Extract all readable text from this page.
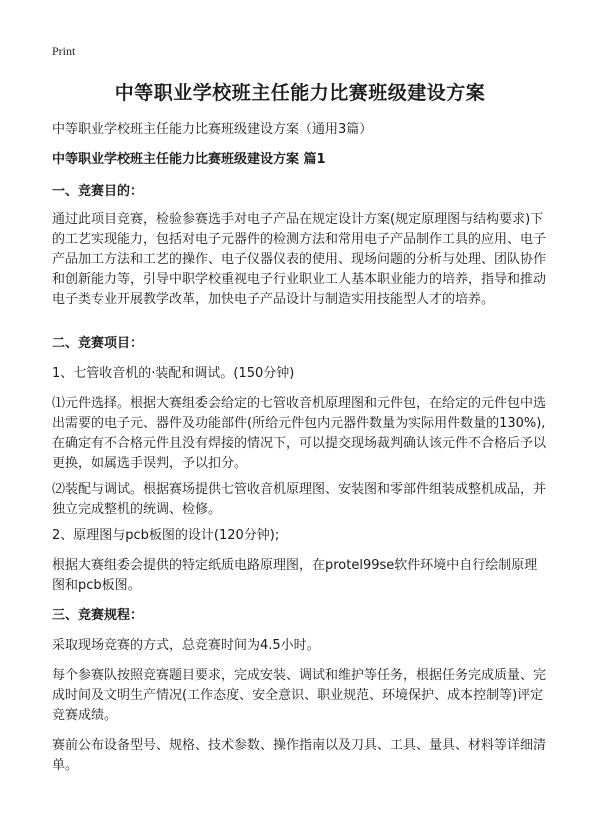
Print
中等职业学校班主任能力比赛班级建设方案
中等职业学校班主任能力比赛班级建设方案（通用3篇）
中等职业学校班主任能力比赛班级建设方案 篇1
一、竞赛目的：
通过此项目竞赛，检验参赛选手对电子产品在规定设计方案(规定原理图与结构要求)下的工艺实现能力，包括对电子元器件的检测方法和常用电子产品制作工具的应用、电子产品加工方法和工艺的操作、电子仪器仪表的使用、现场问题的分析与处理、团队协作和创新能力等，引导中职学校重视电子行业职业工人基本职业能力的培养，指导和推动电子类专业开展教学改革，加快电子产品设计与制造实用技能型人才的培养。
二、竞赛项目：
1、七管收音机的‧装配和调试。(150分钟)
⑴元件选择。根据大赛组委会给定的七管收音机原理图和元件包，在给定的元件包中选出需要的电子元、器件及功能部件(所给元件包内元器件数量为实际用件数量的130%),在确定有不合格元件且没有焊接的情况下，可以提交现场裁判确认该元件不合格后予以更换，如属选手误判，予以扣分。
⑵装配与调试。根据赛场提供七管收音机原理图、安装图和零部件组装成整机成品，并独立完成整机的统调、检修。
2、原理图与pcb板图的设计(120分钟);
根据大赛组委会提供的特定纸质电路原理图，在protel99se软件环境中自行绘制原理图和pcb板图。
三、竞赛规程：
采取现场竞赛的方式，总竞赛时间为4.5小时。
每个参赛队按照竞赛题目要求，完成安装、调试和维护等任务，根据任务完成质量、完成时间及文明生产情况(工作态度、安全意识、职业规范、环境保护、成本控制等)评定竞赛成绩。
赛前公布设备型号、规格、技术参数、操作指南以及刀具、工具、量具、材料等详细清单。
